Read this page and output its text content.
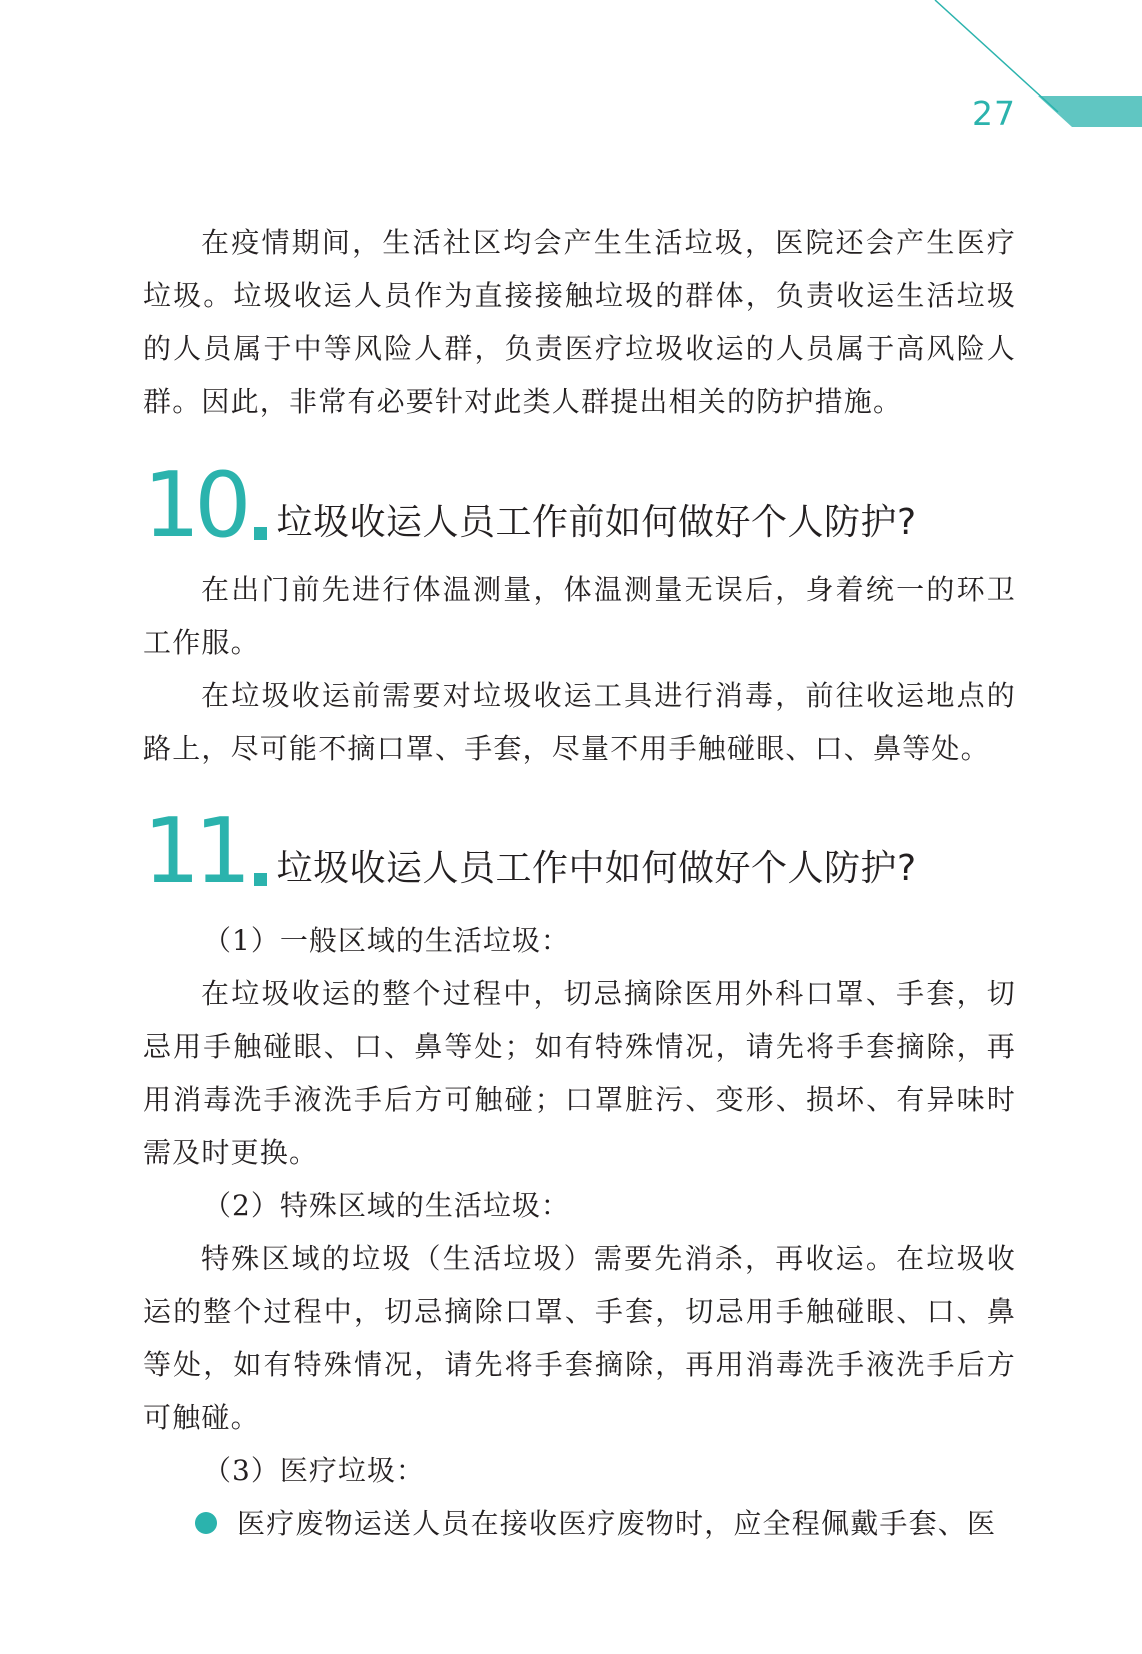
27

在疫情期间，生活社区均会产生生活垃圾，医院还会产生医疗垃圾。垃圾收运人员作为直接接触垃圾的群体，负责收运生活垃圾的人员属于中等风险人群，负责医疗垃圾收运的人员属于高风险人群。因此，非常有必要针对此类人群提出相关的防护措施。

10 垃圾收运人员工作前如何做好个人防护?

在出门前先进行体温测量，体温测量无误后，身着统一的环卫工作服。

在垃圾收运前需要对垃圾收运工具进行消毒，前往收运地点的路上，尽可能不摘口罩、手套，尽量不用手触碰眼、口、鼻等处。

11 垃圾收运人员工作中如何做好个人防护?

（1）一般区域的生活垃圾：

在垃圾收运的整个过程中，切忌摘除医用外科口罩、手套，切忌用手触碰眼、口、鼻等处；如有特殊情况，请先将手套摘除，再用消毒洗手液洗手后方可触碰；口罩脏污、变形、损坏、有异味时需及时更换。

（2）特殊区域的生活垃圾：

特殊区域的垃圾（生活垃圾）需要先消杀，再收运。在垃圾收运的整个过程中，切忌摘除口罩、手套，切忌用手触碰眼、口、鼻等处，如有特殊情况，请先将手套摘除，再用消毒洗手液洗手后方可触碰。

（3）医疗垃圾：

医疗废物运送人员在接收医疗废物时，应全程佩戴手套、医
